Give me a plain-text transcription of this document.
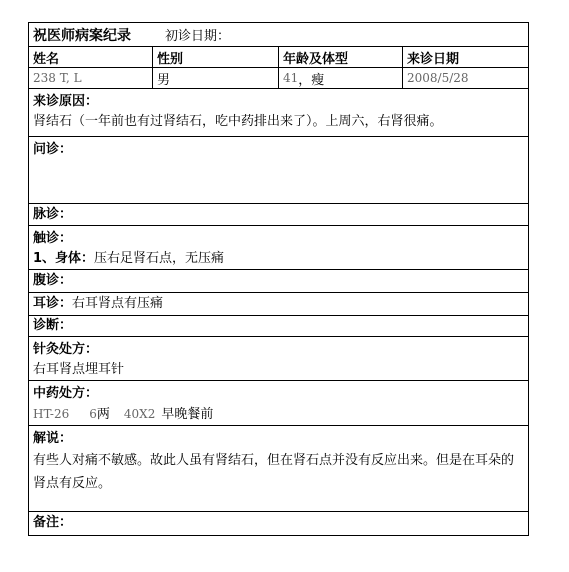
祝医师病案纪录	初诊日期：
姓名	性别	年龄及体型	来诊日期
238 T, L	男	41 ，瘦	2008/5/28
来诊原因：
肾结石（一年前也有过肾结石，吃中药排出来了）。上周六，右肾很痛。
问诊：
脉诊：
触诊：
1、身体：压右足肾石点，无压痛
腹诊：
耳诊：右耳肾点有压痛
诊断：
针灸处方：
右耳肾点埋耳针
中药处方：
HT-26 6两 40X2 早晚餐前
解说：
有些人对痛不敏感。故此人虽有肾结石，但在肾石点并没有反应出来。但是在耳朵的肾点有反应。
备注：
